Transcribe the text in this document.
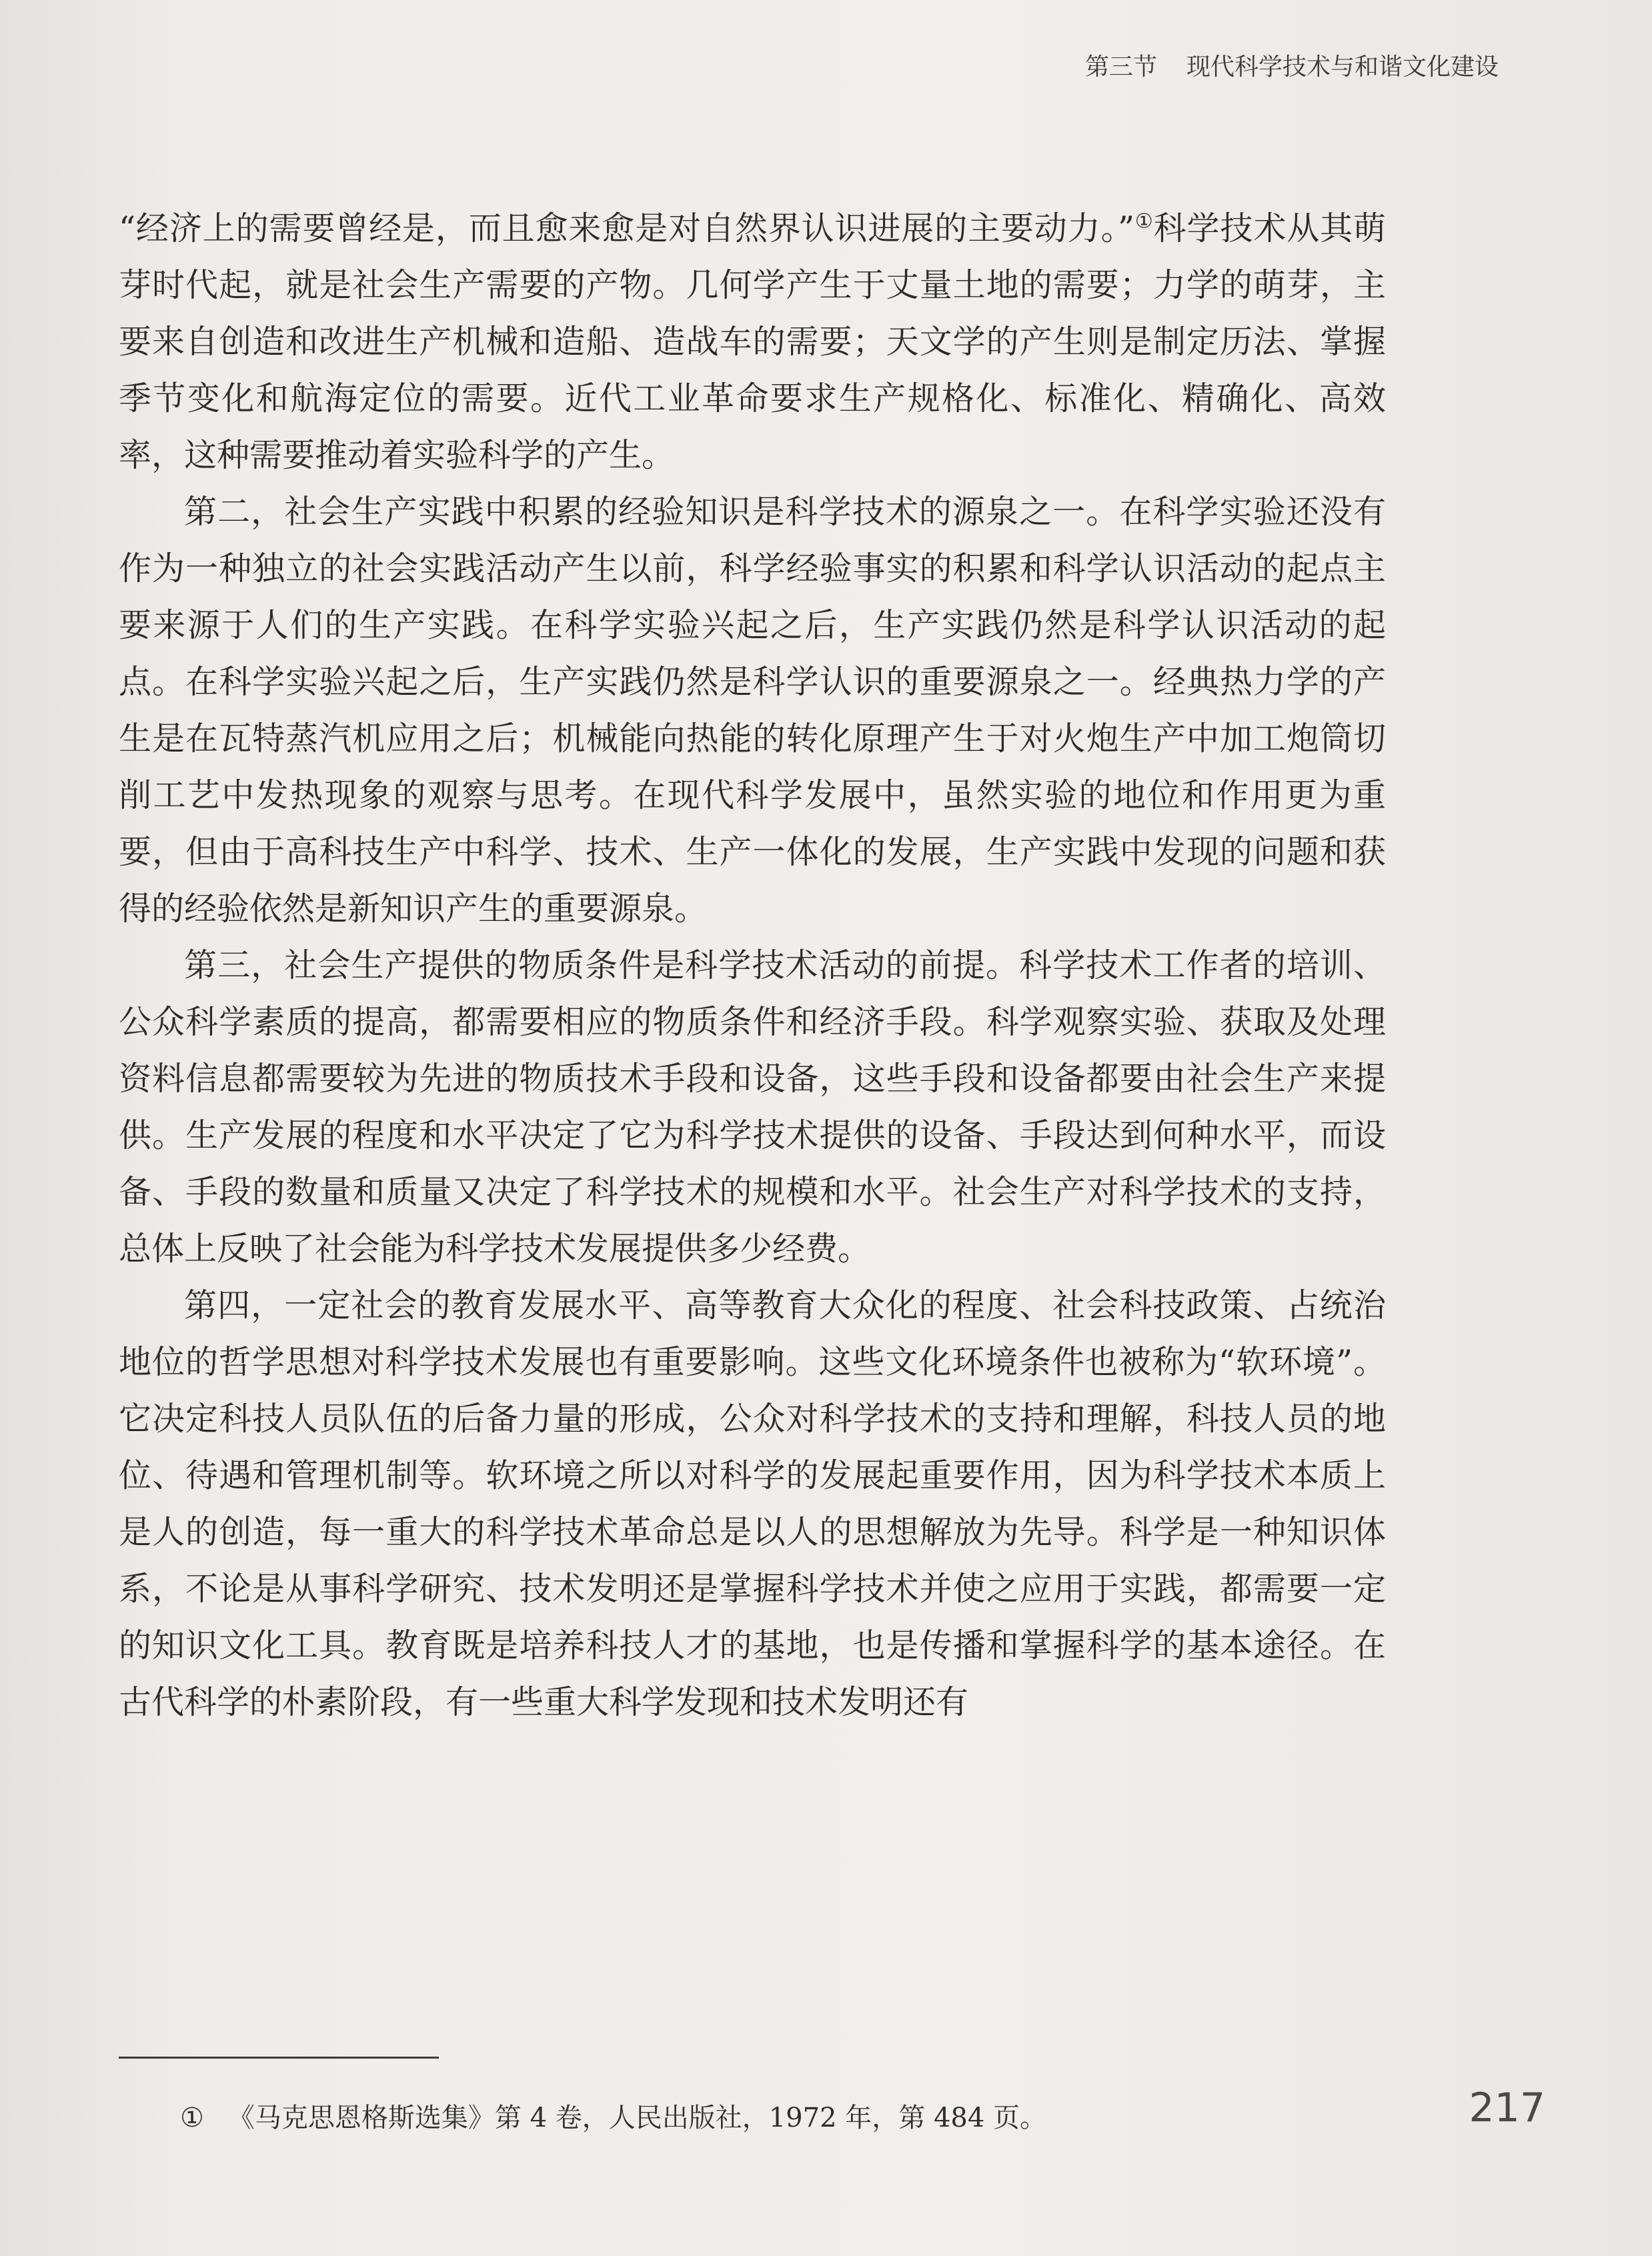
第三节 现代科学技术与和谐文化建设

“经济上的需要曾经是，而且愈来愈是对自然界认识进展的主要动力。”①科学技术从其萌芽时代起，就是社会生产需要的产物。几何学产生于丈量土地的需要；力学的萌芽，主要来自创造和改进生产机械和造船、造战车的需要；天文学的产生则是制定历法、掌握季节变化和航海定位的需要。近代工业革命要求生产规格化、标准化、精确化、高效率，这种需要推动着实验科学的产生。

第二，社会生产实践中积累的经验知识是科学技术的源泉之一。在科学实验还没有作为一种独立的社会实践活动产生以前，科学经验事实的积累和科学认识活动的起点主要来源于人们的生产实践。在科学实验兴起之后，生产实践仍然是科学认识活动的起点。在科学实验兴起之后，生产实践仍然是科学认识的重要源泉之一。经典热力学的产生是在瓦特蒸汽机应用之后；机械能向热能的转化原理产生于对火炮生产中加工炮筒切削工艺中发热现象的观察与思考。在现代科学发展中，虽然实验的地位和作用更为重要，但由于高科技生产中科学、技术、生产一体化的发展，生产实践中发现的问题和获得的经验依然是新知识产生的重要源泉。

第三，社会生产提供的物质条件是科学技术活动的前提。科学技术工作者的培训、公众科学素质的提高，都需要相应的物质条件和经济手段。科学观察实验、获取及处理资料信息都需要较为先进的物质技术手段和设备，这些手段和设备都要由社会生产来提供。生产发展的程度和水平决定了它为科学技术提供的设备、手段达到何种水平，而设备、手段的数量和质量又决定了科学技术的规模和水平。社会生产对科学技术的支持，总体上反映了社会能为科学技术发展提供多少经费。

第四，一定社会的教育发展水平、高等教育大众化的程度、社会科技政策、占统治地位的哲学思想对科学技术发展也有重要影响。这些文化环境条件也被称为“软环境”。它决定科技人员队伍的后备力量的形成，公众对科学技术的支持和理解，科技人员的地位、待遇和管理机制等。软环境之所以对科学的发展起重要作用，因为科学技术本质上是人的创造，每一重大的科学技术革命总是以人的思想解放为先导。科学是一种知识体系，不论是从事科学研究、技术发明还是掌握科学技术并使之应用于实践，都需要一定的知识文化工具。教育既是培养科技人才的基地，也是传播和掌握科学的基本途径。在古代科学的朴素阶段，有一些重大科学发现和技术发明还有

① 《马克思恩格斯选集》第 4 卷，人民出版社，1972 年，第 484 页。	217
